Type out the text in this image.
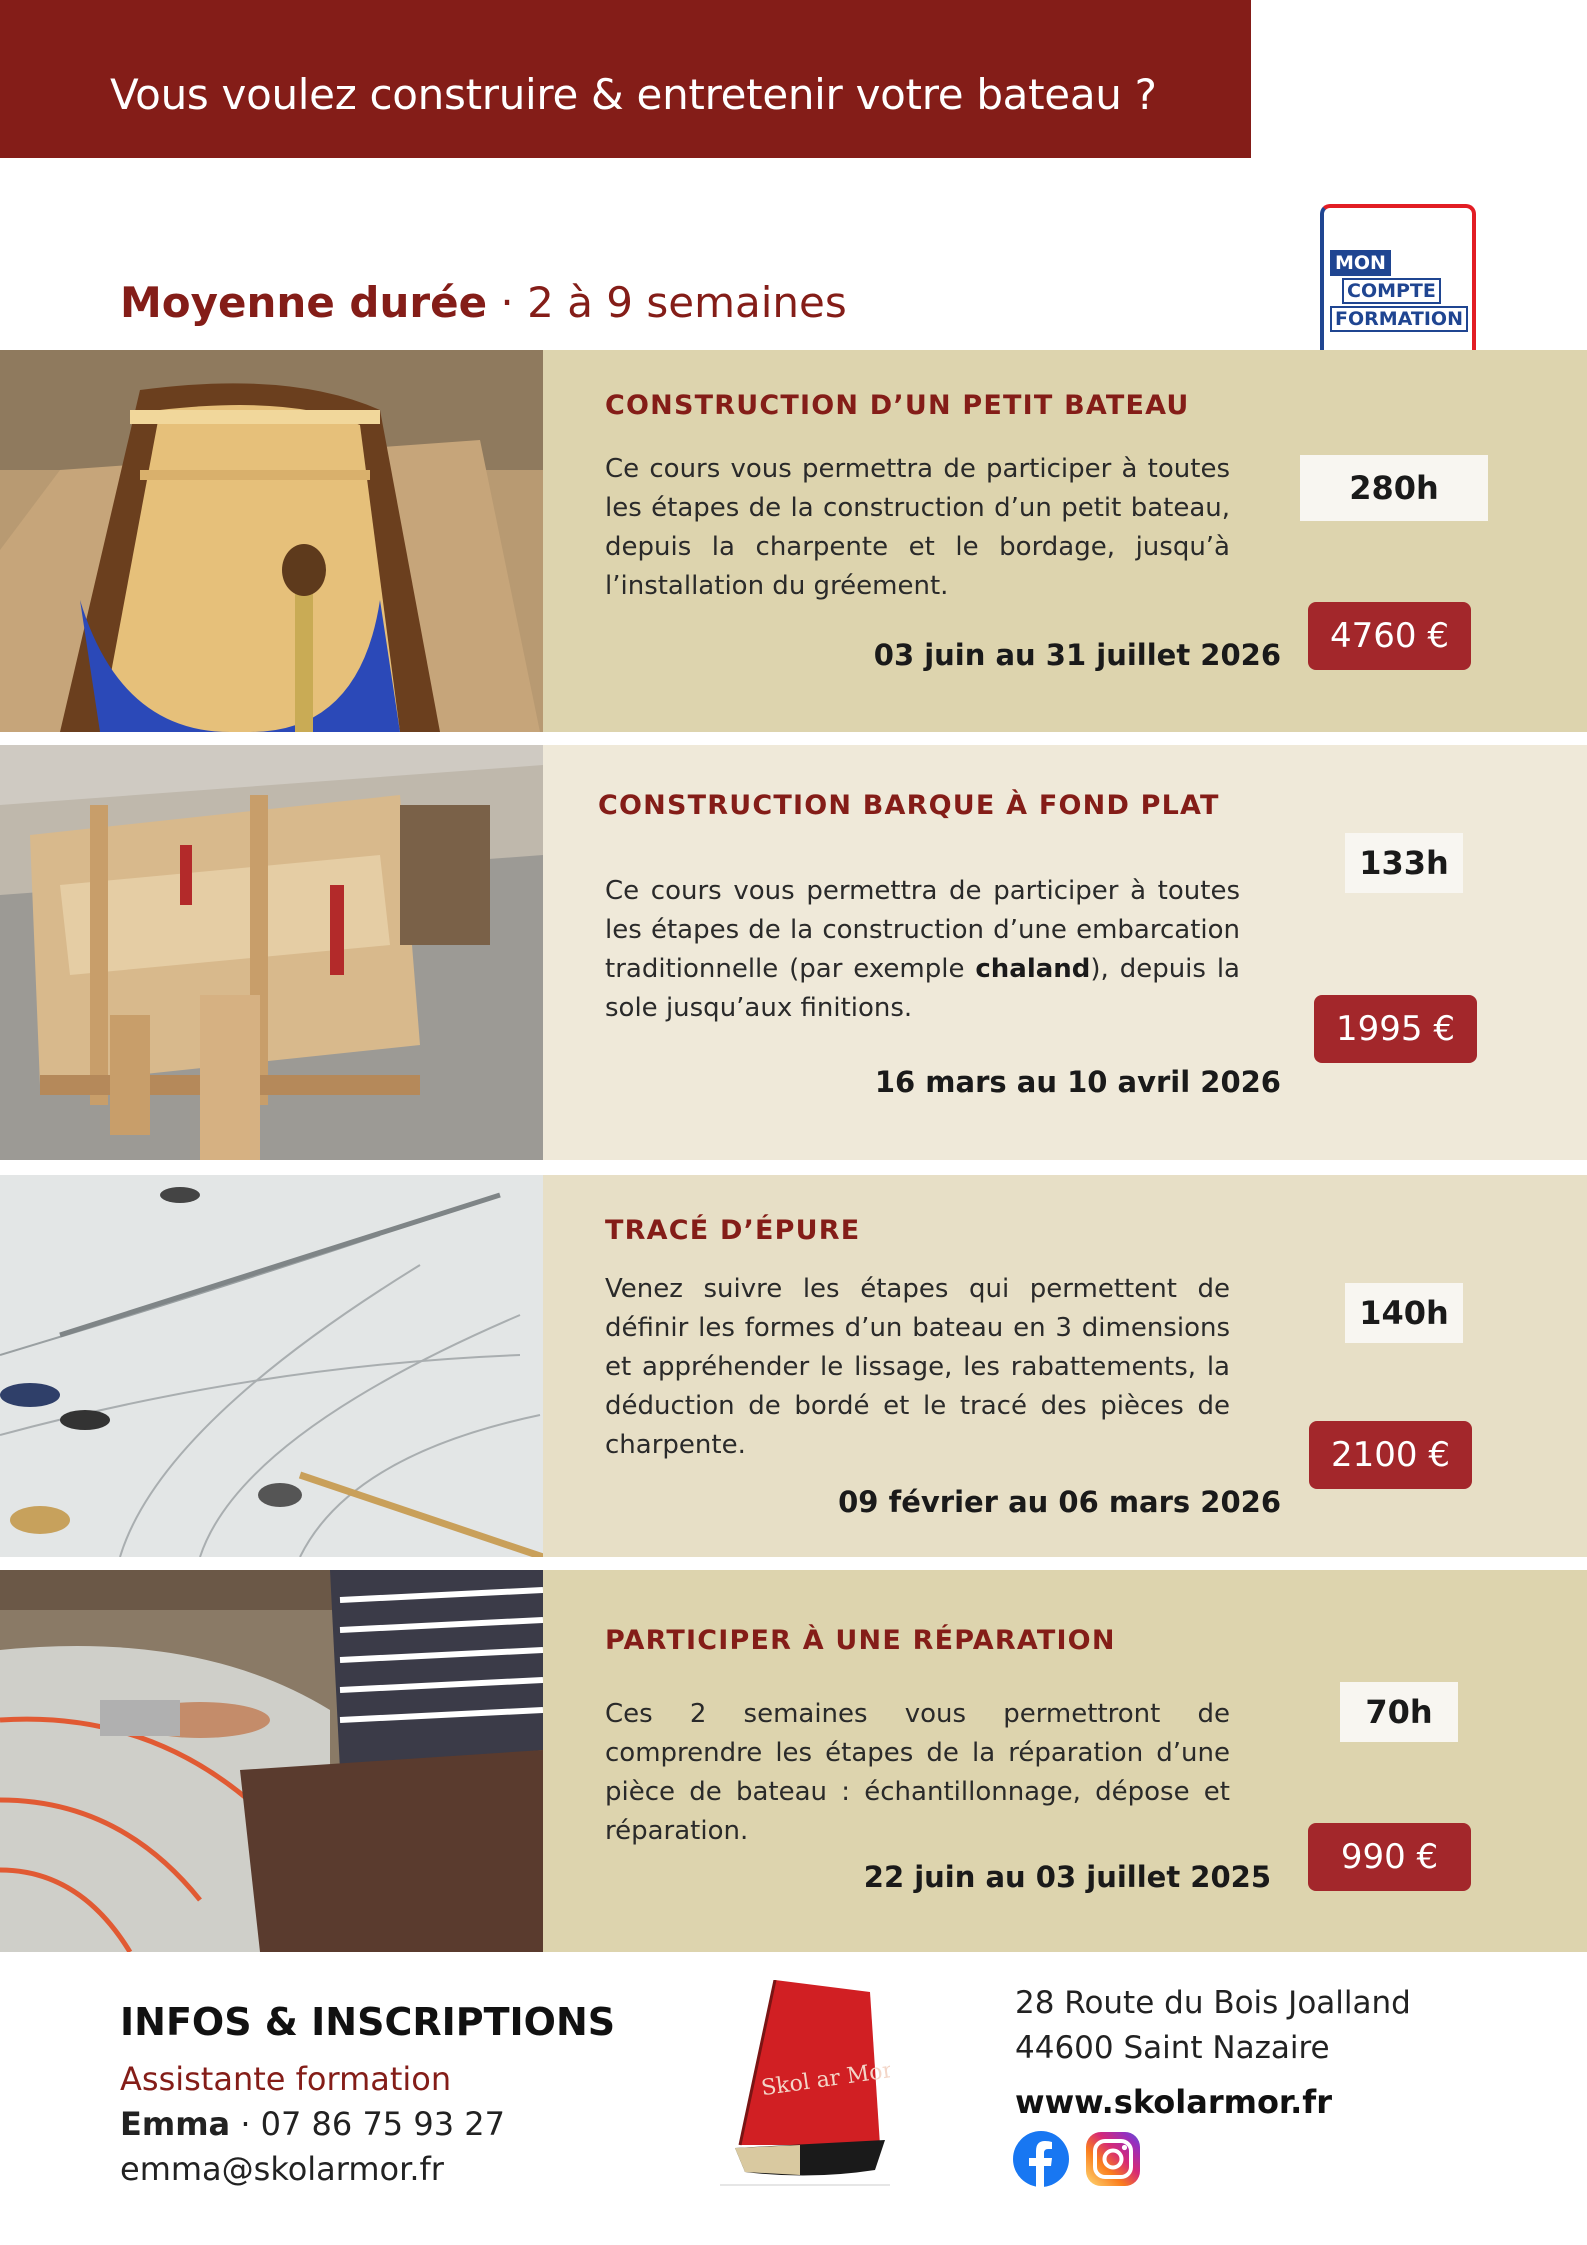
Vous voulez construire & entretenir votre bateau ?
MON
COMPTE
FORMATION
Moyenne durée · 2 à 9 semaines
CONSTRUCTION D’UN PETIT BATEAU
Ce cours vous permettra de participer à toutes les étapes de la construction d’un petit bateau, depuis la charpente et le bordage, jusqu’à l’installation du gréement.
03 juin au 31 juillet 2026
280h
4760 €
CONSTRUCTION BARQUE À FOND PLAT
Ce cours vous permettra de participer à toutes les étapes de la construction d’une embarcation traditionnelle (par exemple chaland), depuis la sole jusqu’aux finitions.
16 mars au 10 avril 2026
133h
1995 €
TRACÉ D’ÉPURE
Venez suivre les étapes qui permettent de définir les formes d’un bateau en 3 dimensions et appréhender le lissage, les rabattements, la déduction de bordé et le tracé des pièces de charpente.
09 février au 06 mars 2026
140h
2100 €
PARTICIPER À UNE RÉPARATION
Ces 2 semaines vous permettront de comprendre les étapes de la réparation d’une pièce de bateau : échantillonnage, dépose et réparation.
22 juin au 03 juillet 2025
70h
990 €
INFOS & INSCRIPTIONS
Assistante formation
Emma · 07 86 75 93 27
emma@skolarmor.fr
Skol ar Mor
28 Route du Bois Joalland
44600 Saint Nazaire
www.skolarmor.fr
